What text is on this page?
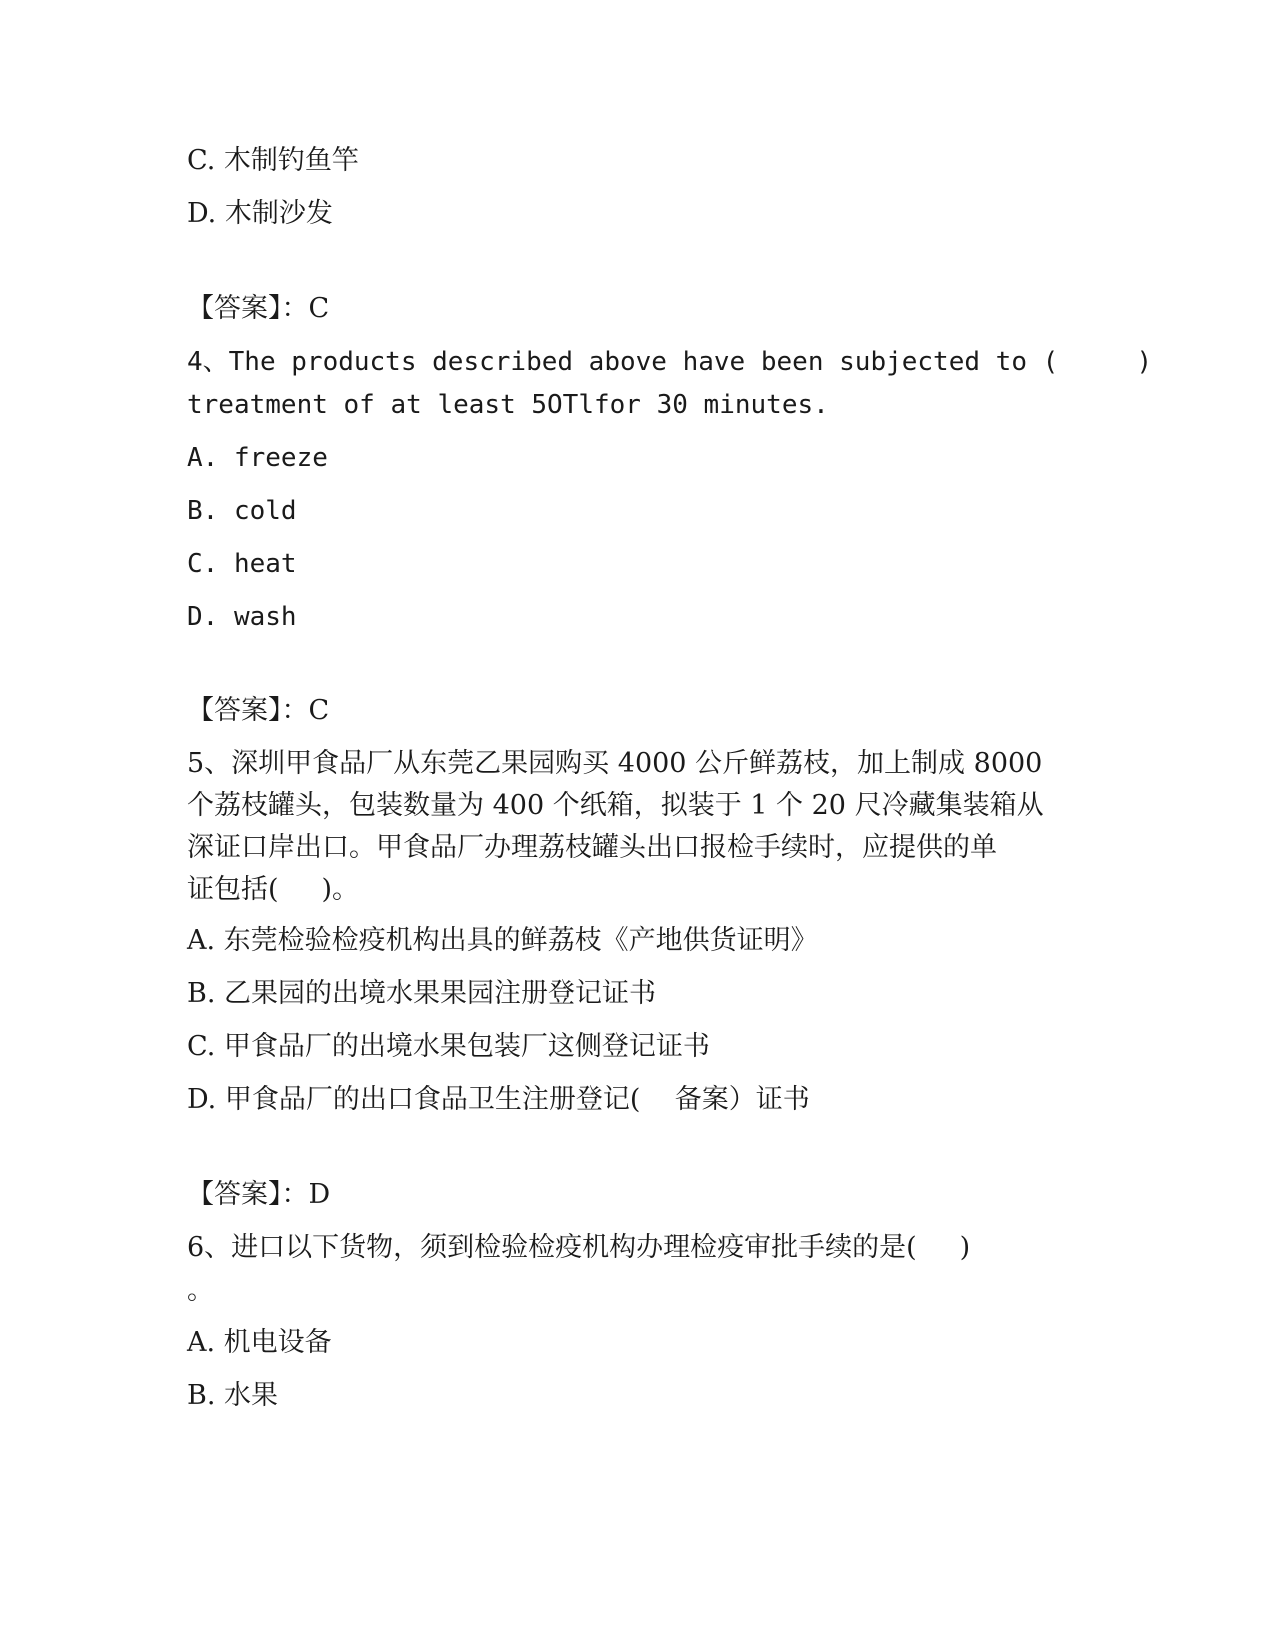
C. 木制钓鱼竿

D. 木制沙发

【答案】：C

4、The products described above have been subjected to (     )

treatment of at least 5OTlfor 30 minutes.

A. freeze

B. cold

C. heat

D. wash

【答案】：C

5、深圳甲食品厂从东莞乙果园购买 4000 公斤鲜荔枝，加上制成 8000

个荔枝罐头，包装数量为 400 个纸箱，拟装于 1 个 20 尺冷藏集装箱从

深证口岸出口。甲食品厂办理荔枝罐头出口报检手续时，应提供的单

证包括(     )。

A. 东莞检验检疫机构出具的鲜荔枝《产地供货证明》

B. 乙果园的出境水果果园注册登记证书

C. 甲食品厂的出境水果包装厂这侧登记证书

D. 甲食品厂的出口食品卫生注册登记(    备案）证书

【答案】：D

6、进口以下货物，须到检验检疫机构办理检疫审批手续的是(     )

。

A. 机电设备

B. 水果
